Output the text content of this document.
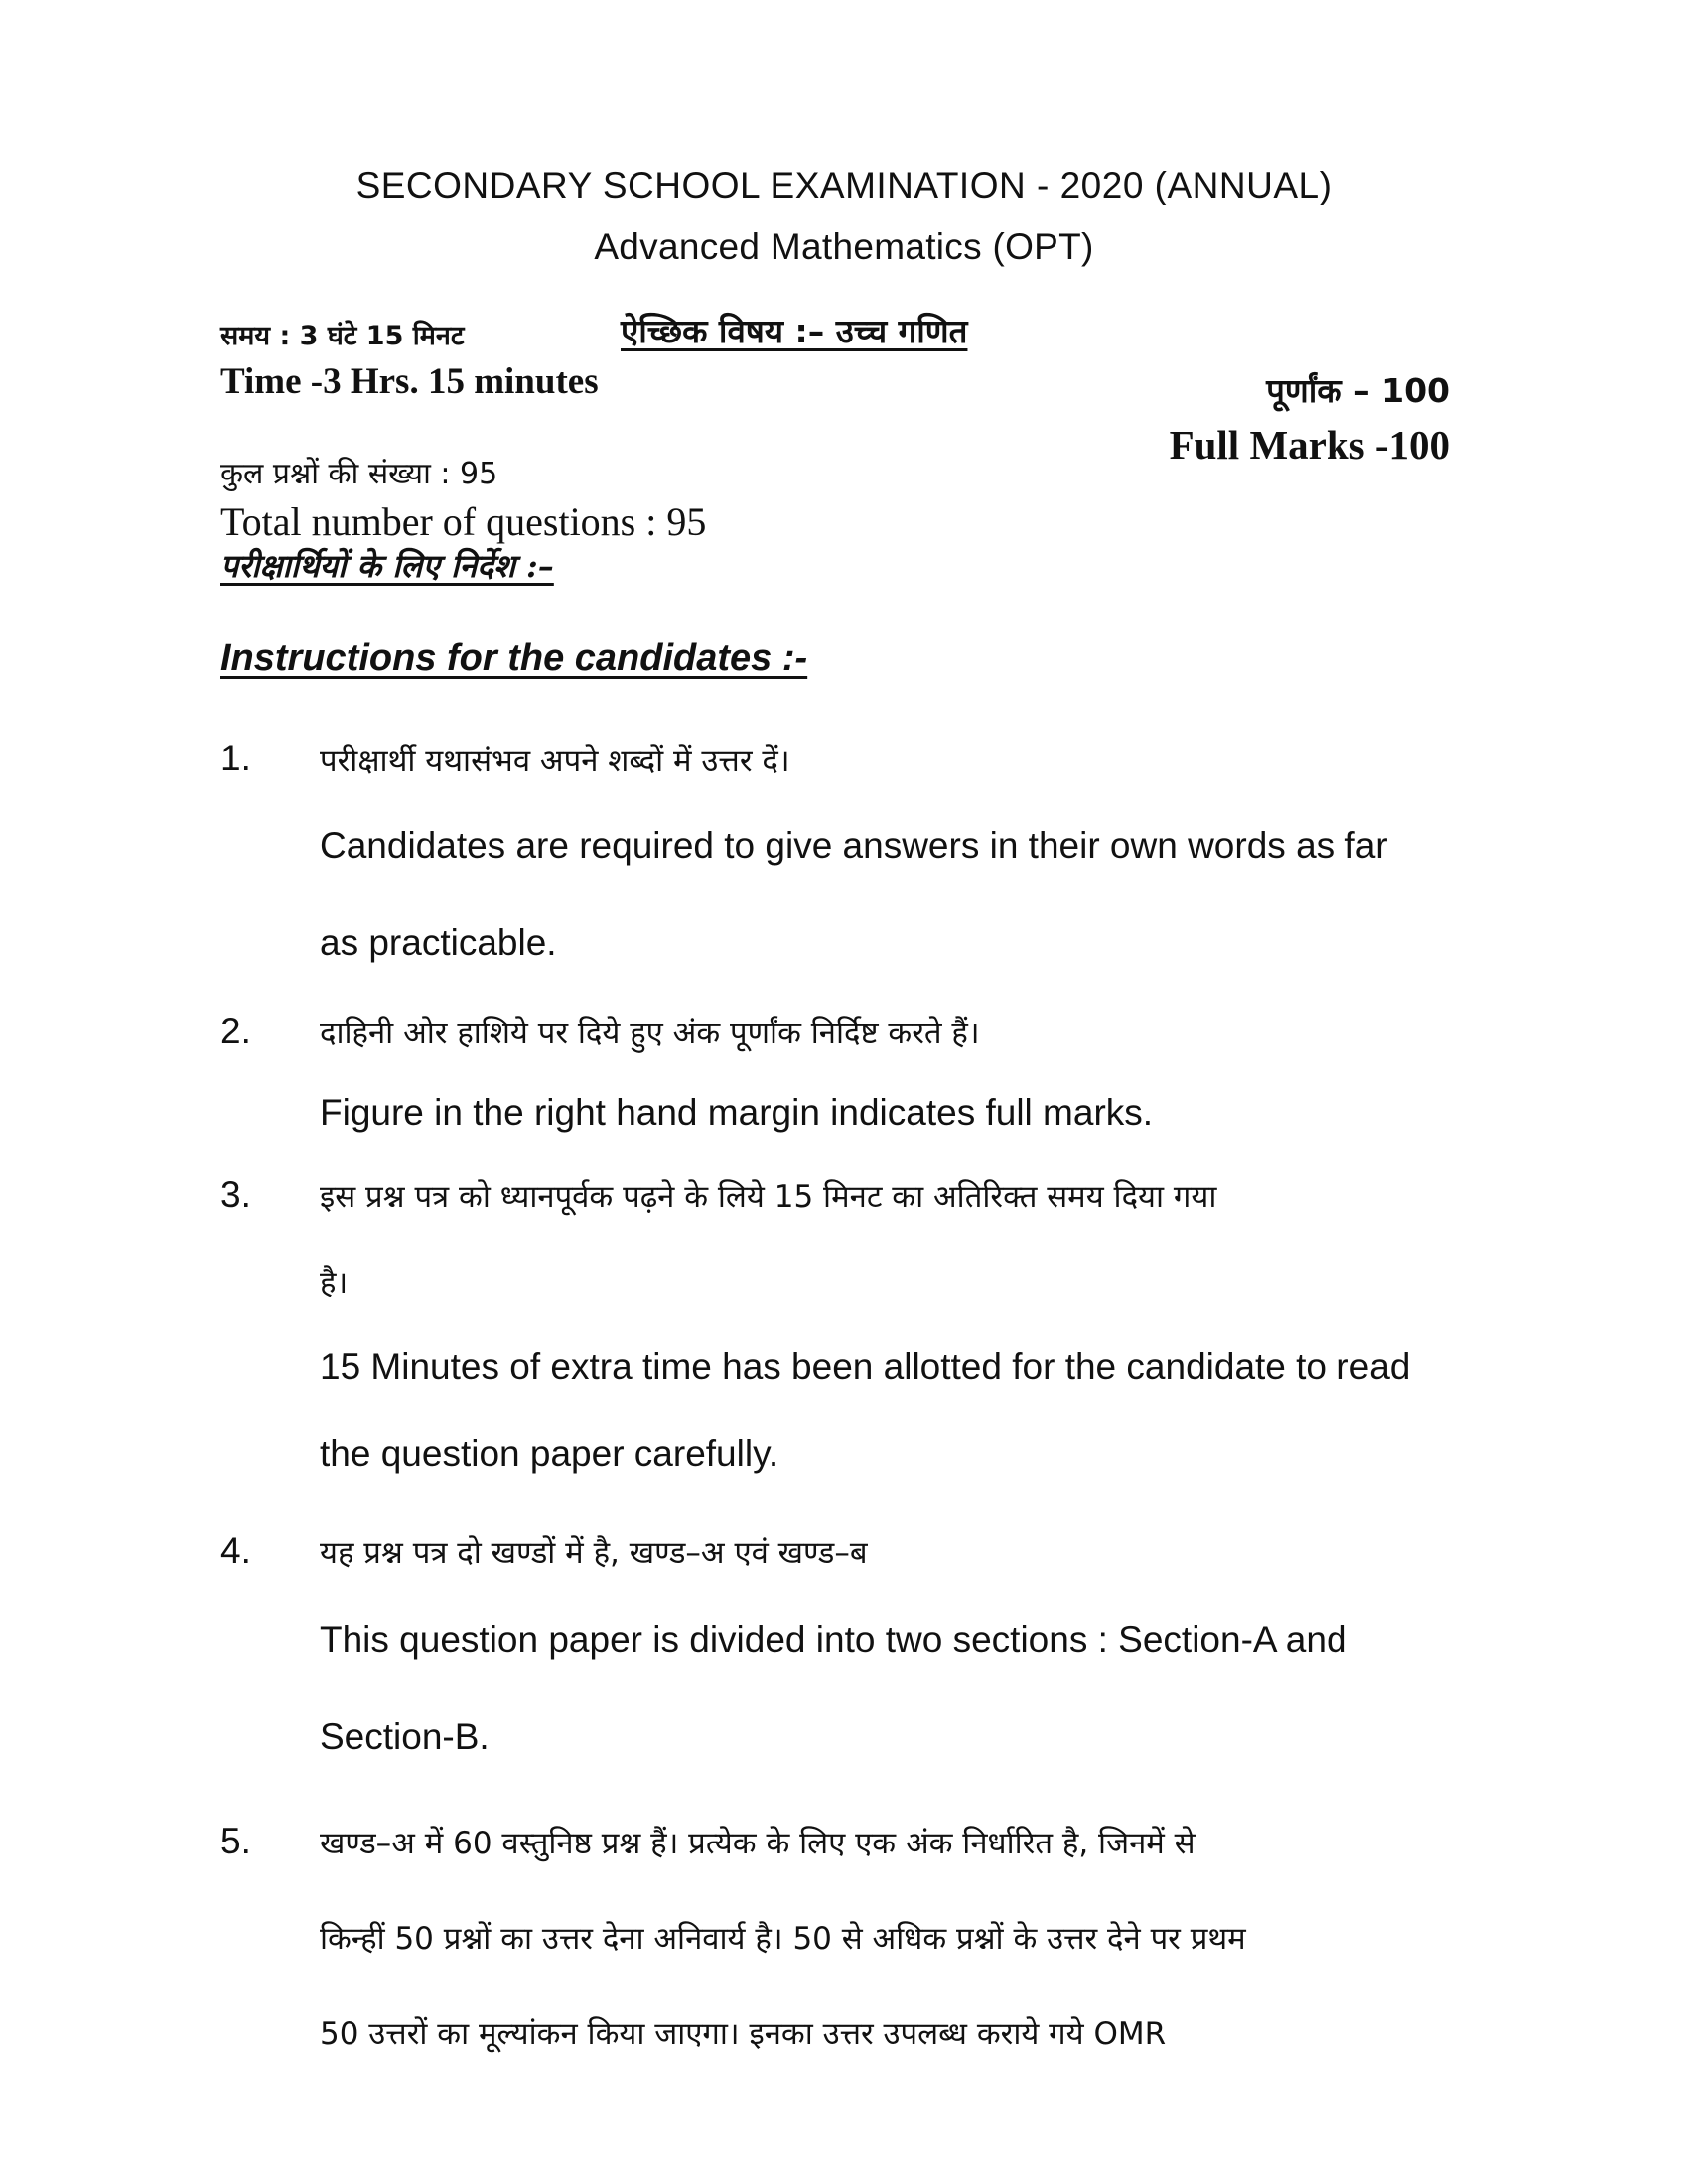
SECONDARY SCHOOL EXAMINATION - 2020 (ANNUAL)
Advanced Mathematics (OPT)
समय : 3 घंटे 15 मिनट	ऐच्छिक विषय :– उच्च गणित
Time -3 Hrs. 15 minutes	पूर्णांक – 100
Full Marks -100
कुल प्रश्नों की संख्या : 95
Total number of questions : 95
परीक्षार्थियों के लिए निर्देश :–
Instructions for the candidates :-
1. परीक्षार्थी यथासंभव अपने शब्दों में उत्तर दें।
Candidates are required to give answers in their own words as far
as practicable.
2. दाहिनी ओर हाशिये पर दिये हुए अंक पूर्णांक निर्दिष्ट करते हैं।
Figure in the right hand margin indicates full marks.
3. इस प्रश्न पत्र को ध्यानपूर्वक पढ़ने के लिये 15 मिनट का अतिरिक्त समय दिया गया
है।
15 Minutes of extra time has been allotted for the candidate to read
the question paper carefully.
4. यह प्रश्न पत्र दो खण्डों में है, खण्ड–अ एवं खण्ड–ब
This question paper is divided into two sections : Section-A and
Section-B.
5. खण्ड–अ में 60 वस्तुनिष्ठ प्रश्न हैं। प्रत्येक के लिए एक अंक निर्धारित है, जिनमें से
किन्हीं 50 प्रश्नों का उत्तर देना अनिवार्य है। 50 से अधिक प्रश्नों के उत्तर देने पर प्रथम
50 उत्तरों का मूल्यांकन किया जाएगा। इनका उत्तर उपलब्ध कराये गये OMR
